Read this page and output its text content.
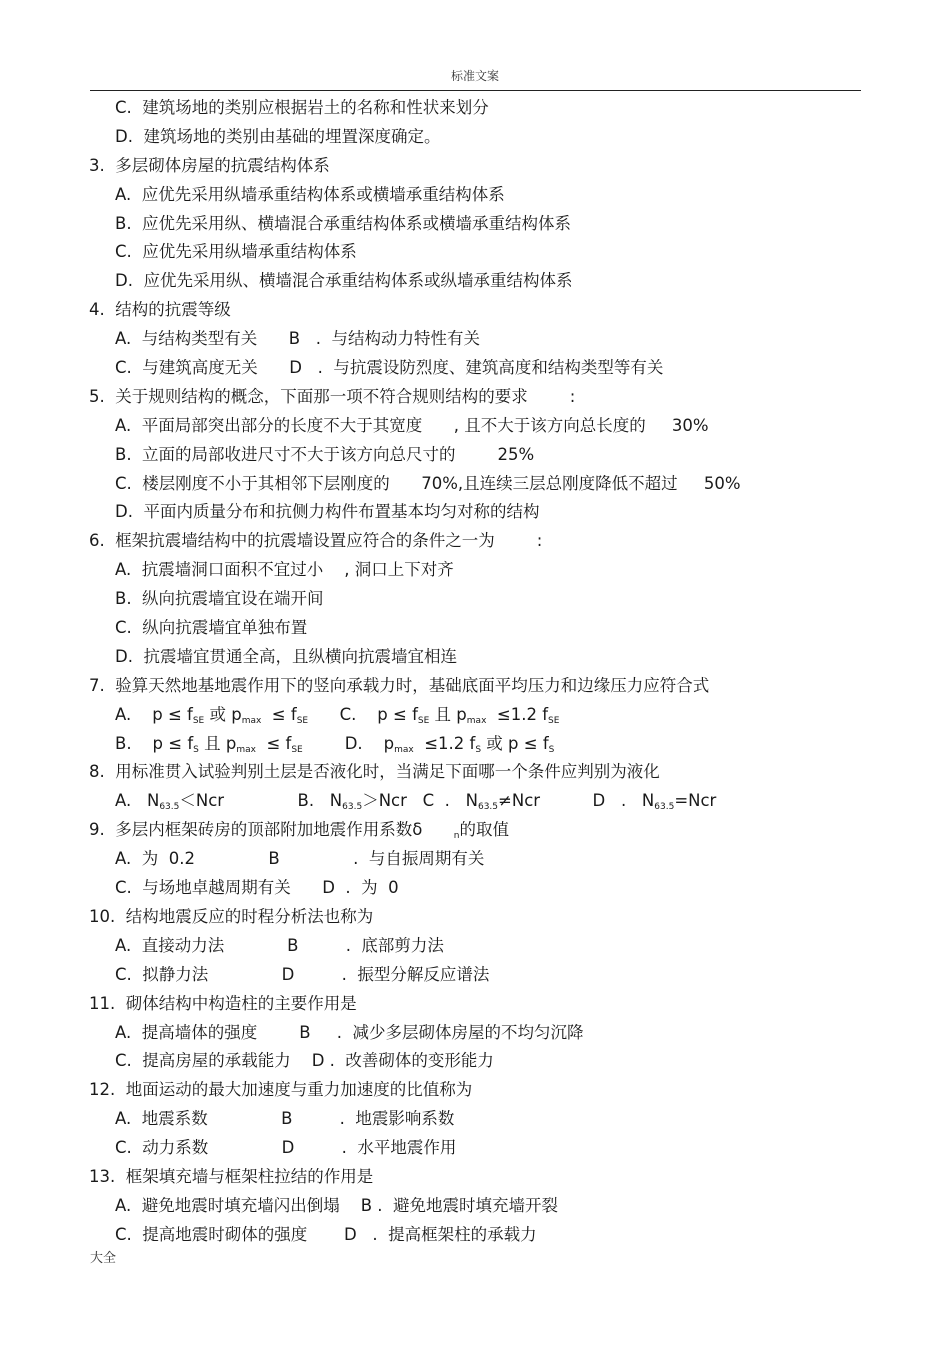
标准文案
C.  建筑场地的类别应根据岩土的名称和性状来划分
D.  建筑场地的类别由基础的埋置深度确定。
3.  多层砌体房屋的抗震结构体系
A.  应优先采用纵墙承重结构体系或横墙承重结构体系
B.  应优先采用纵、横墙混合承重结构体系或横墙承重结构体系
C.  应优先采用纵墙承重结构体系
D.  应优先采用纵、横墙混合承重结构体系或纵墙承重结构体系
4.  结构的抗震等级
A.  与结构类型有关      B   .  与结构动力特性有关
C.  与建筑高度无关      D   .  与抗震设防烈度、建筑高度和结构类型等有关
5.  关于规则结构的概念，下面那一项不符合规则结构的要求        :
A.  平面局部突出部分的长度不大于其宽度      , 且不大于该方向总长度的     30%
B.  立面的局部收进尺寸不大于该方向总尺寸的        25%
C.  楼层刚度不小于其相邻下层刚度的      70%,且连续三层总刚度降低不超过     50%
D.  平面内质量分布和抗侧力构件布置基本均匀对称的结构
6.  框架抗震墙结构中的抗震墙设置应符合的条件之一为        :
A.  抗震墙洞口面积不宜过小    , 洞口上下对齐
B.  纵向抗震墙宜设在端开间
C.  纵向抗震墙宜单独布置
D.  抗震墙宜贯通全高，且纵横向抗震墙宜相连
7.  验算天然地基地震作用下的竖向承载力时，基础底面平均压力和边缘压力应符合式
A.    $p \le f_{SE}$ 或 $p_{max} \le f_{SE}$      C.    $p \le f_{SE}$ 且 $p_{max} \le 1.2$ $f_{SE}$
B.    $p \le f_S$ 且 $p_{max} \le f_{SE}$        D.    $p_{max} \le 1.2$ $f_S$ 或 $p \le f_S$
8.  用标准贯入试验判别土层是否液化时，当满足下面哪一个条件应判别为液化
A.   $N_{63.5}<Ncr$              B.   $N_{63.5}>Ncr$   C  .   $N_{63.5}\ne Ncr$          D   .   $N_{63.5}=Ncr$
9.  多层内框架砖房的顶部附加地震作用系数δ      $_n$的取值
A.  为  0.2              B              .  与自振周期有关
C.  与场地卓越周期有关      D  .  为  0
10.  结构地震反应的时程分析法也称为
A.  直接动力法            B         .  底部剪力法
C.  拟静力法              D         .  振型分解反应谱法
11.  砌体结构中构造柱的主要作用是
A.  提高墙体的强度        B     .  减少多层砌体房屋的不均匀沉降
C.  提高房屋的承载能力    D .  改善砌体的变形能力
12.  地面运动的最大加速度与重力加速度的比值称为
A.  地震系数              B         .  地震影响系数
C.  动力系数              D         .  水平地震作用
13.  框架填充墙与框架柱拉结的作用是
A.  避免地震时填充墙闪出倒塌    B .  避免地震时填充墙开裂
C.  提高地震时砌体的强度       D   .  提高框架柱的承载力
大全
